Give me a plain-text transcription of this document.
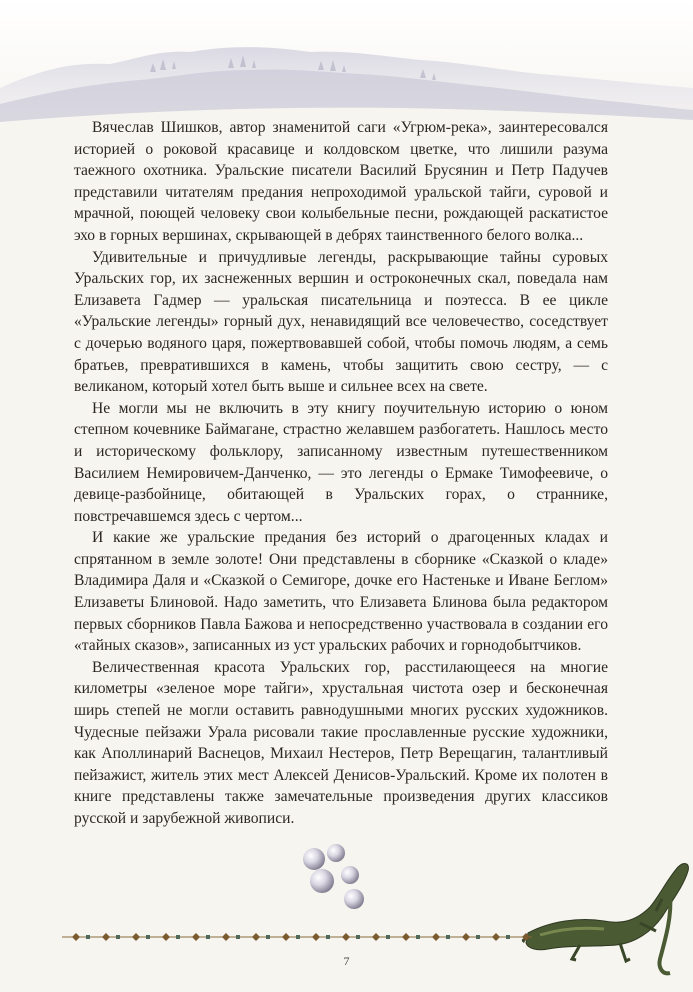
Вячеслав Шишков, автор знаменитой саги «Угрюм-река», заинтересовался историей о роковой красавице и колдовском цветке, что лишили разума таежного охотника. Уральские писатели Василий Брусянин и Петр Падучев представили читателям предания непроходимой уральской тайги, суровой и мрачной, поющей человеку свои колыбельные песни, рождающей раскатистое эхо в горных вершинах, скрывающей в дебрях таинственного белого волка...

Удивительные и причудливые легенды, раскрывающие тайны суровых Уральских гор, их заснеженных вершин и остроконечных скал, поведала нам Елизавета Гадмер — уральская писательница и поэтесса. В ее цикле «Уральские легенды» горный дух, ненавидящий все человечество, соседствует с дочерью водяного царя, пожертвовавшей собой, чтобы помочь людям, а семь братьев, превратившихся в камень, чтобы защитить свою сестру, — с великаном, который хотел быть выше и сильнее всех на свете.

Не могли мы не включить в эту книгу поучительную историю о юном степном кочевнике Баймагане, страстно желавшем разбогатеть. Нашлось место и историческому фольклору, записанному известным путешественником Василием Немировичем-Данченко, — это легенды о Ермаке Тимофеевиче, о девице-разбойнице, обитающей в Уральских горах, о страннике, повстречавшемся здесь с чертом...

И какие же уральские предания без историй о драгоценных кладах и спрятанном в земле золоте! Они представлены в сборнике «Сказкой о кладе» Владимира Даля и «Сказкой о Семигоре, дочке его Настеньке и Иване Беглом» Елизаветы Блиновой. Надо заметить, что Елизавета Блинова была редактором первых сборников Павла Бажова и непосредственно участвовала в создании его «тайных сказов», записанных из уст уральских рабочих и горнодобытчиков.

Величественная красота Уральских гор, расстилающееся на многие километры «зеленое море тайги», хрустальная чистота озер и бесконечная ширь степей не могли оставить равнодушными многих русских художников. Чудесные пейзажи Урала рисовали такие прославленные русские художники, как Аполлинарий Васнецов, Михаил Нестеров, Петр Верещагин, талантливый пейзажист, житель этих мест Алексей Денисов-Уральский. Кроме их полотен в книге представлены также замечательные произведения других классиков русской и зарубежной живописи.

7
